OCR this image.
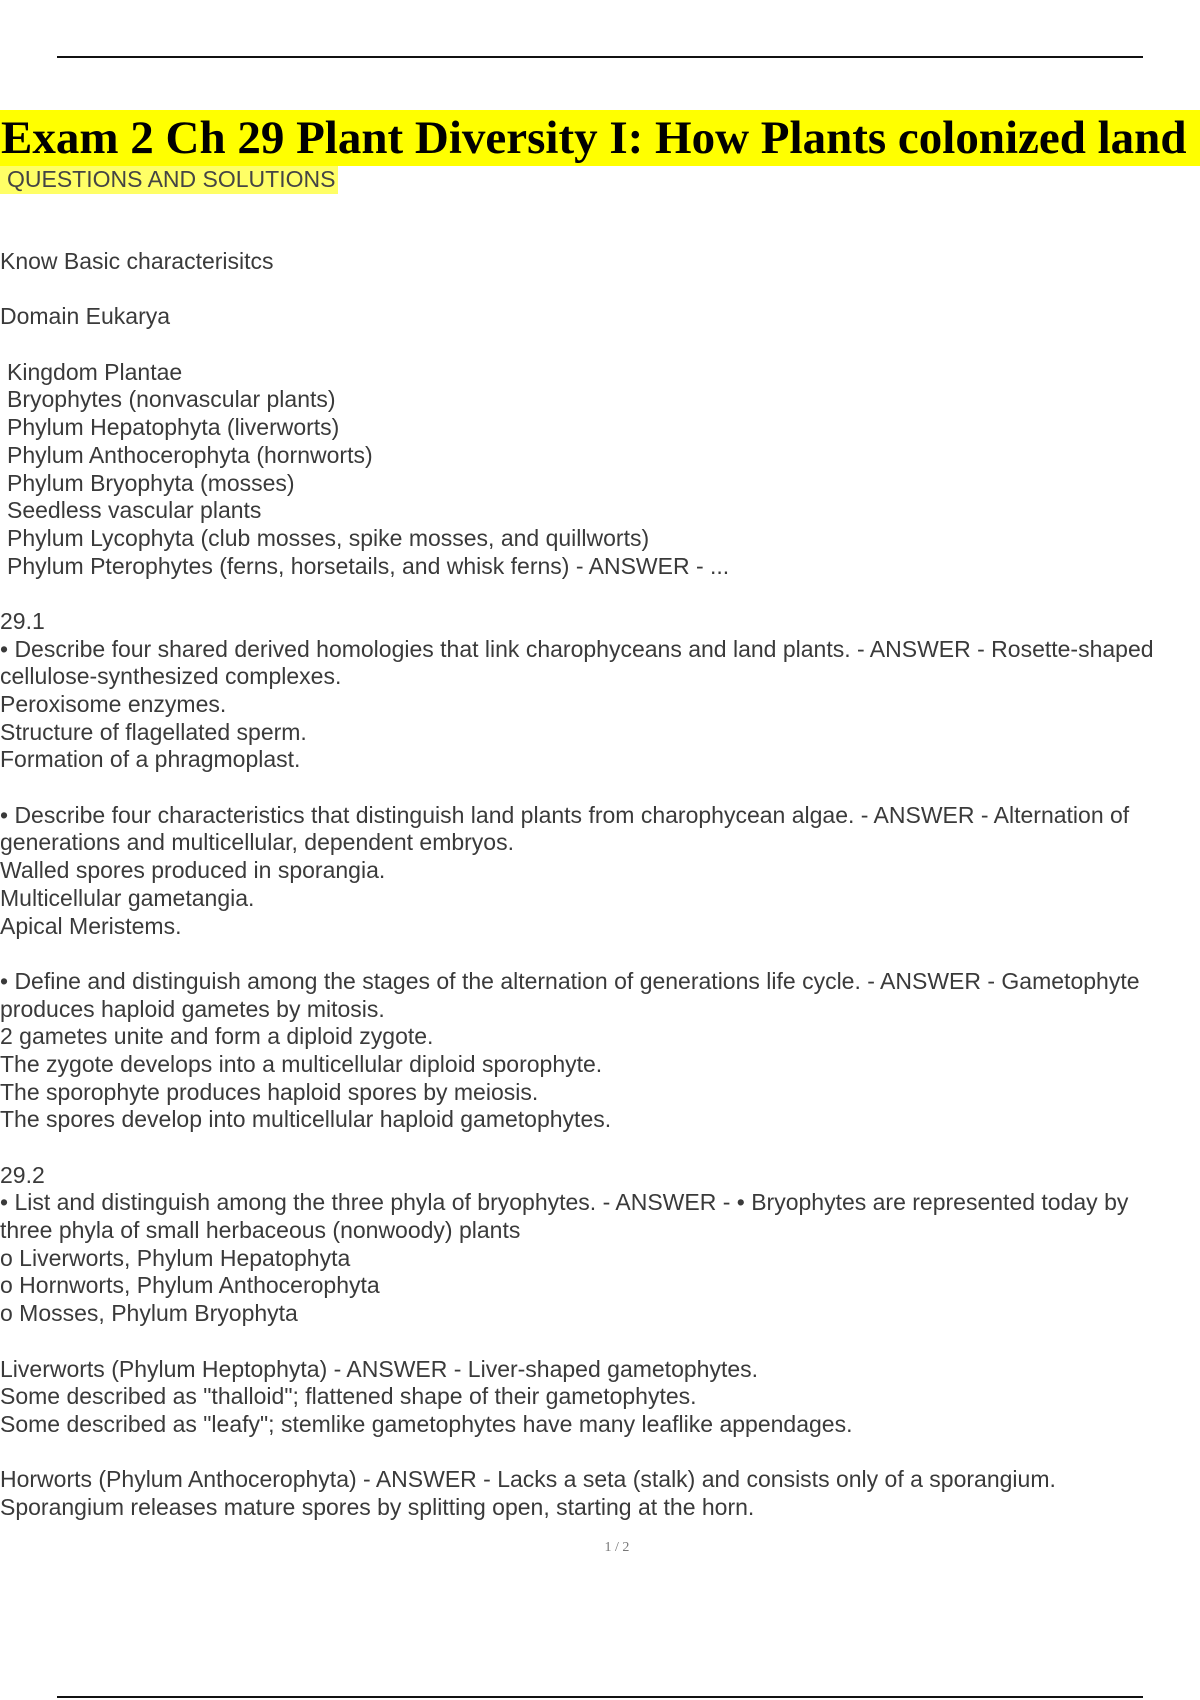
Exam 2 Ch 29 Plant Diversity I: How Plants colonized land
QUESTIONS AND SOLUTIONS
Know Basic characterisitcs
Domain Eukarya
Kingdom Plantae
Bryophytes (nonvascular plants)
Phylum Hepatophyta (liverworts)
Phylum Anthocerophyta (hornworts)
Phylum Bryophyta (mosses)
Seedless vascular plants
Phylum Lycophyta (club mosses, spike mosses, and quillworts)
Phylum Pterophytes (ferns, horsetails, and whisk ferns) - ANSWER - ...
29.1
• Describe four shared derived homologies that link charophyceans and land plants. - ANSWER - Rosette-shaped
cellulose-synthesized complexes.
Peroxisome enzymes.
Structure of flagellated sperm.
Formation of a phragmoplast.
• Describe four characteristics that distinguish land plants from charophycean algae. - ANSWER - Alternation of
generations and multicellular, dependent embryos.
Walled spores produced in sporangia.
Multicellular gametangia.
Apical Meristems.
• Define and distinguish among the stages of the alternation of generations life cycle. - ANSWER - Gametophyte
produces haploid gametes by mitosis.
2 gametes unite and form a diploid zygote.
The zygote develops into a multicellular diploid sporophyte.
The sporophyte produces haploid spores by meiosis.
The spores develop into multicellular haploid gametophytes.
29.2
• List and distinguish among the three phyla of bryophytes. - ANSWER - • Bryophytes are represented today by
three phyla of small herbaceous (nonwoody) plants
o Liverworts, Phylum Hepatophyta
o Hornworts, Phylum Anthocerophyta
o Mosses, Phylum Bryophyta
Liverworts (Phylum Heptophyta) - ANSWER - Liver-shaped gametophytes.
Some described as "thalloid"; flattened shape of their gametophytes.
Some described as "leafy"; stemlike gametophytes have many leaflike appendages.
Horworts (Phylum Anthocerophyta) - ANSWER - Lacks a seta (stalk) and consists only of a sporangium.
Sporangium releases mature spores by splitting open, starting at the horn.
1 / 2
